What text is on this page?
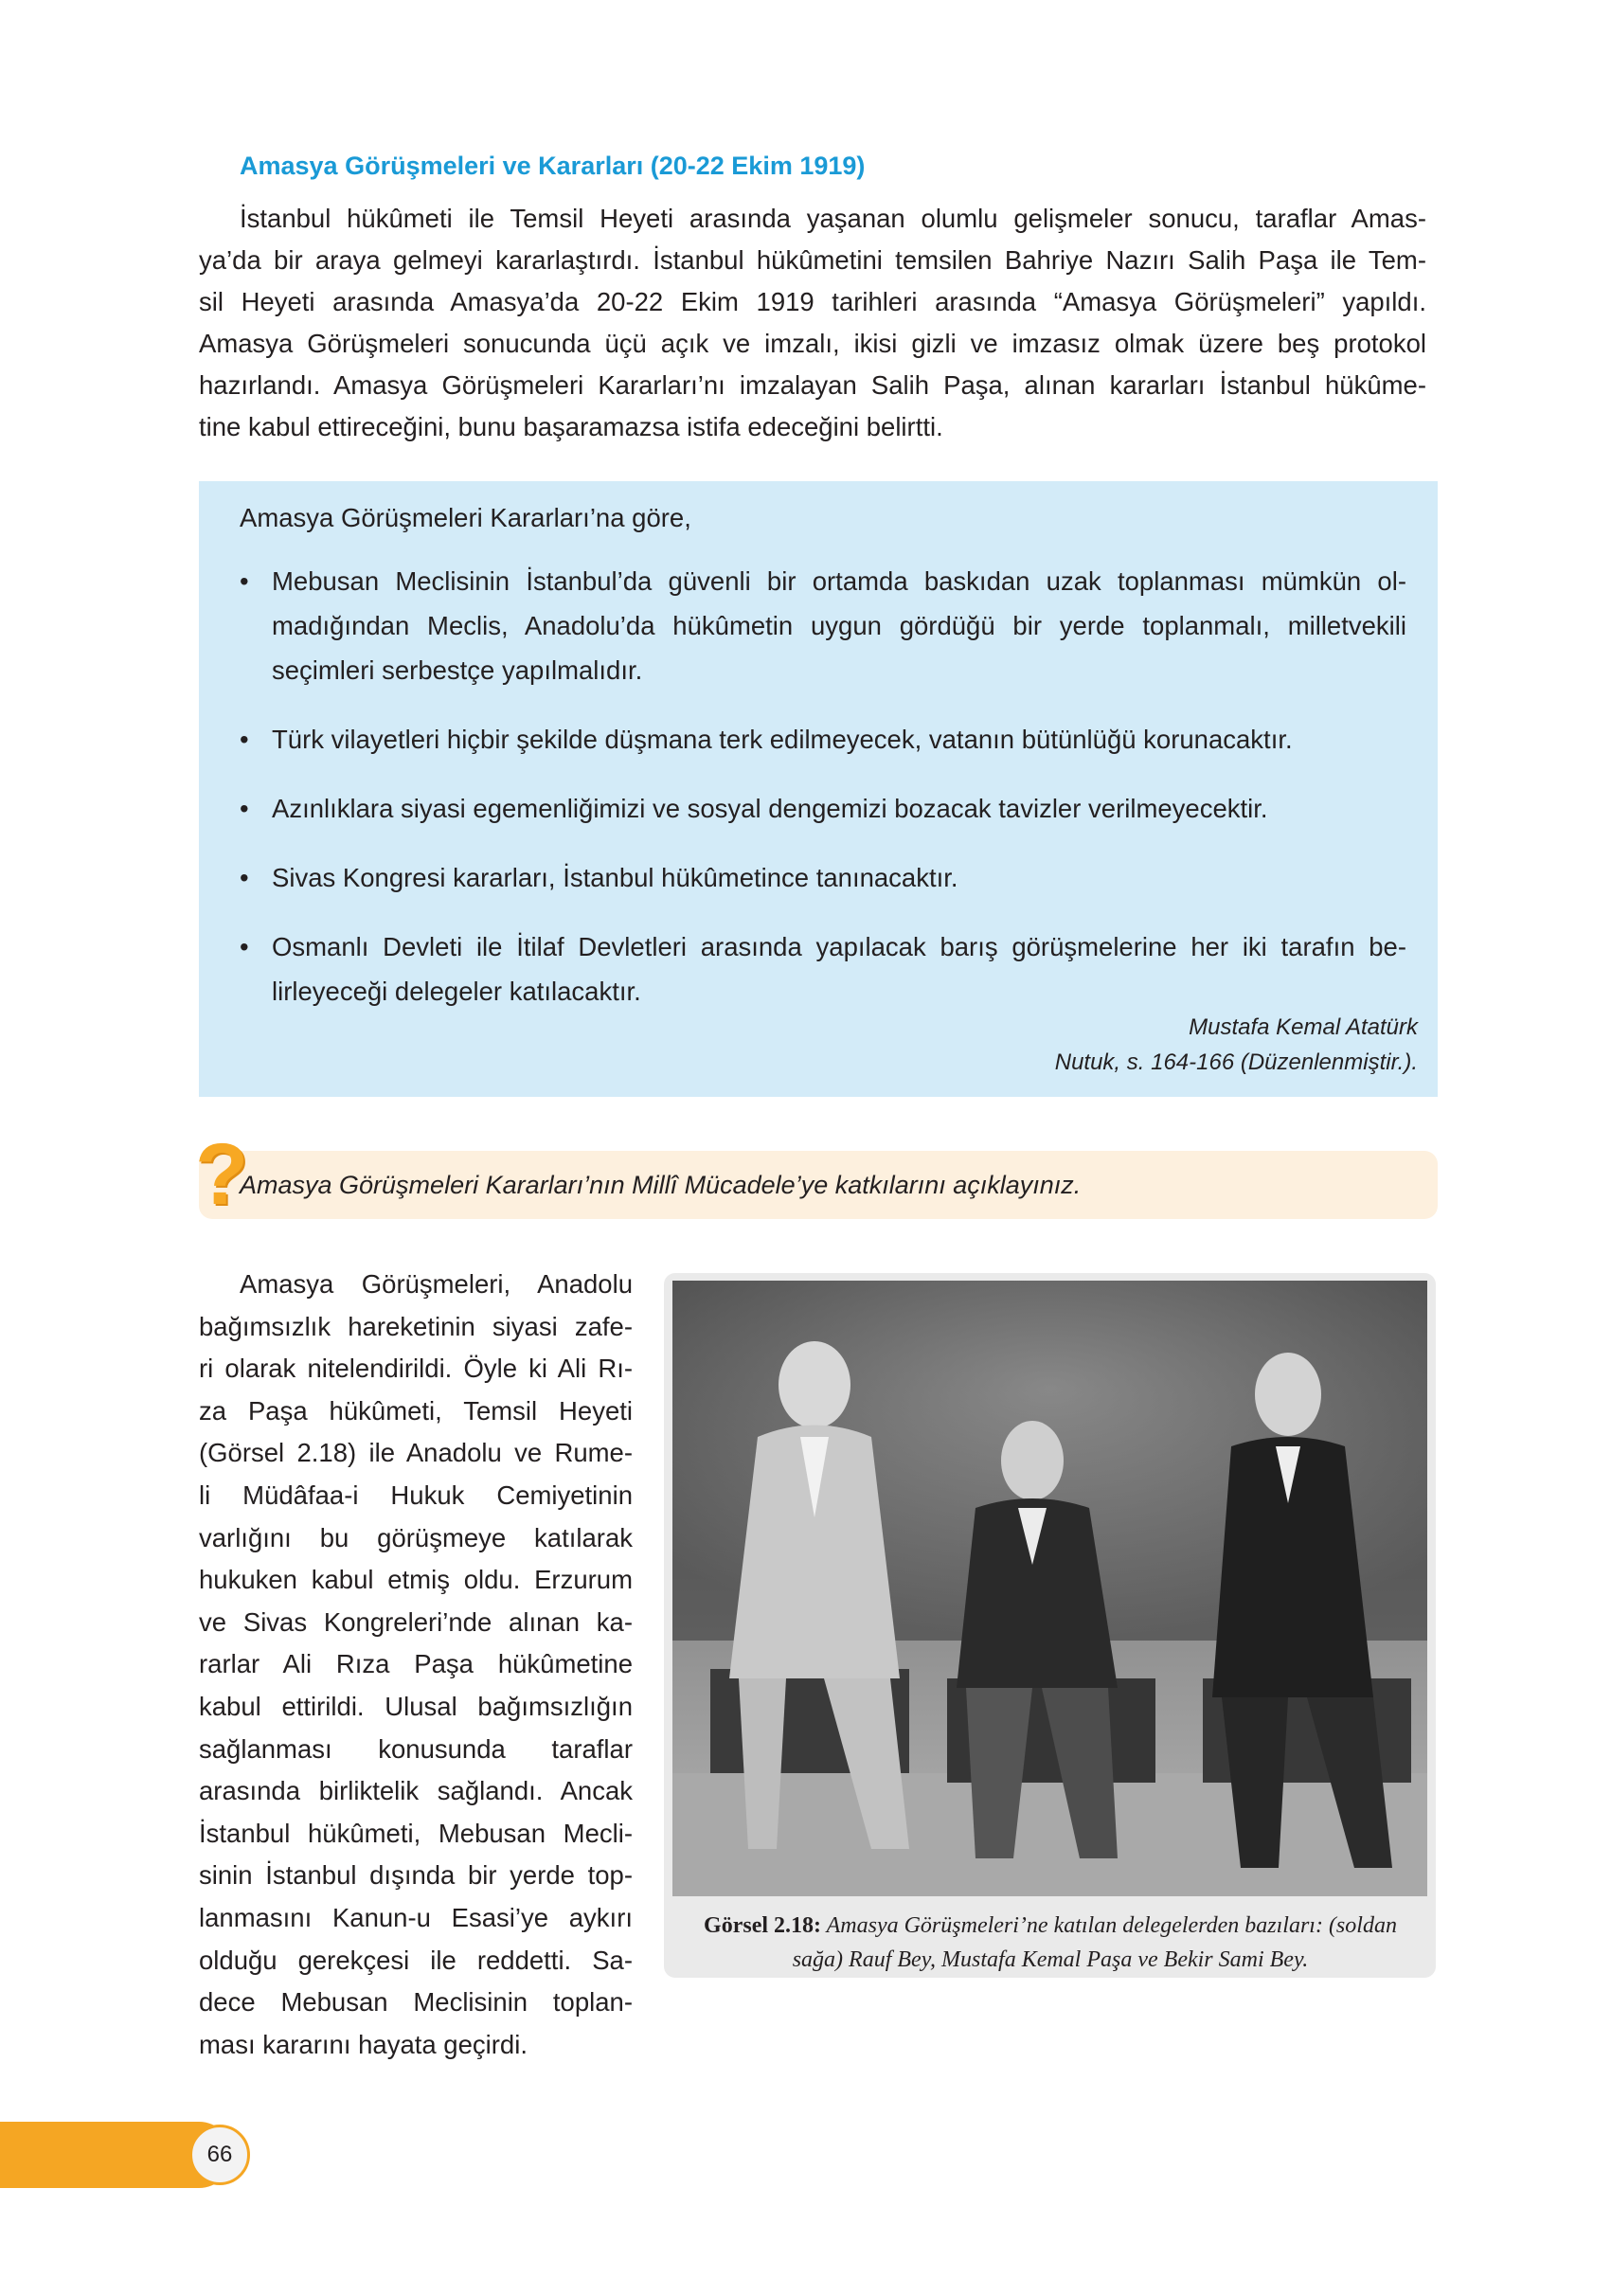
Amasya Görüşmeleri ve Kararları (20-22 Ekim 1919)
İstanbul hükûmeti ile Temsil Heyeti arasında yaşanan olumlu gelişmeler sonucu, taraflar Amas-
ya’da bir araya gelmeyi kararlaştırdı. İstanbul hükûmetini temsilen Bahriye Nazırı Salih Paşa ile Tem-
sil Heyeti arasında Amasya’da 20-22 Ekim 1919 tarihleri arasında “Amasya Görüşmeleri” yapıldı.
Amasya Görüşmeleri sonucunda üçü açık ve imzalı, ikisi gizli ve imzasız olmak üzere beş protokol
hazırlandı. Amasya Görüşmeleri Kararları’nı imzalayan Salih Paşa, alınan kararları İstanbul hükûme-
tine kabul ettireceğini, bunu başaramazsa istifa edeceğini belirtti.
Amasya Görüşmeleri Kararları’na göre,
• Mebusan Meclisinin İstanbul’da güvenli bir ortamda baskıdan uzak toplanması mümkün ol-
madığından Meclis, Anadolu’da hükûmetin uygun gördüğü bir yerde toplanmalı, milletvekili
seçimleri serbestçe yapılmalıdır.
• Türk vilayetleri hiçbir şekilde düşmana terk edilmeyecek, vatanın bütünlüğü korunacaktır.
• Azınlıklara siyasi egemenliğimizi ve sosyal dengemizi bozacak tavizler verilmeyecektir.
• Sivas Kongresi kararları, İstanbul hükûmetince tanınacaktır.
• Osmanlı Devleti ile İtilaf Devletleri arasında yapılacak barış görüşmelerine her iki tarafın be-
lirleyeceği delegeler katılacaktır.
Mustafa Kemal Atatürk
Nutuk, s. 164-166 (Düzenlenmiştir.).
?
Amasya Görüşmeleri Kararları’nın Millî Mücadele’ye katkılarını açıklayınız.
Amasya Görüşmeleri, Anadolu
bağımsızlık hareketinin siyasi zafe-
ri olarak nitelendirildi. Öyle ki Ali Rı-
za Paşa hükûmeti, Temsil Heyeti
(Görsel 2.18) ile Anadolu ve Rume-
li Müdâfaa-i Hukuk Cemiyetinin
varlığını bu görüşmeye katılarak
hukuken kabul etmiş oldu. Erzurum
ve Sivas Kongreleri’nde alınan ka-
rarlar Ali Rıza Paşa hükûmetine
kabul ettirildi. Ulusal bağımsızlığın
sağlanması konusunda taraflar
arasında birliktelik sağlandı. Ancak
İstanbul hükûmeti, Mebusan Mecli-
sinin İstanbul dışında bir yerde top-
lanmasını Kanun-u Esasi’ye aykırı
olduğu gerekçesi ile reddetti. Sa-
dece Mebusan Meclisinin toplan-
ması kararını hayata geçirdi.
Görsel 2.18: Amasya Görüşmeleri’ne katılan delegelerden bazıları: (soldan
sağa) Rauf Bey, Mustafa Kemal Paşa ve Bekir Sami Bey.
66
